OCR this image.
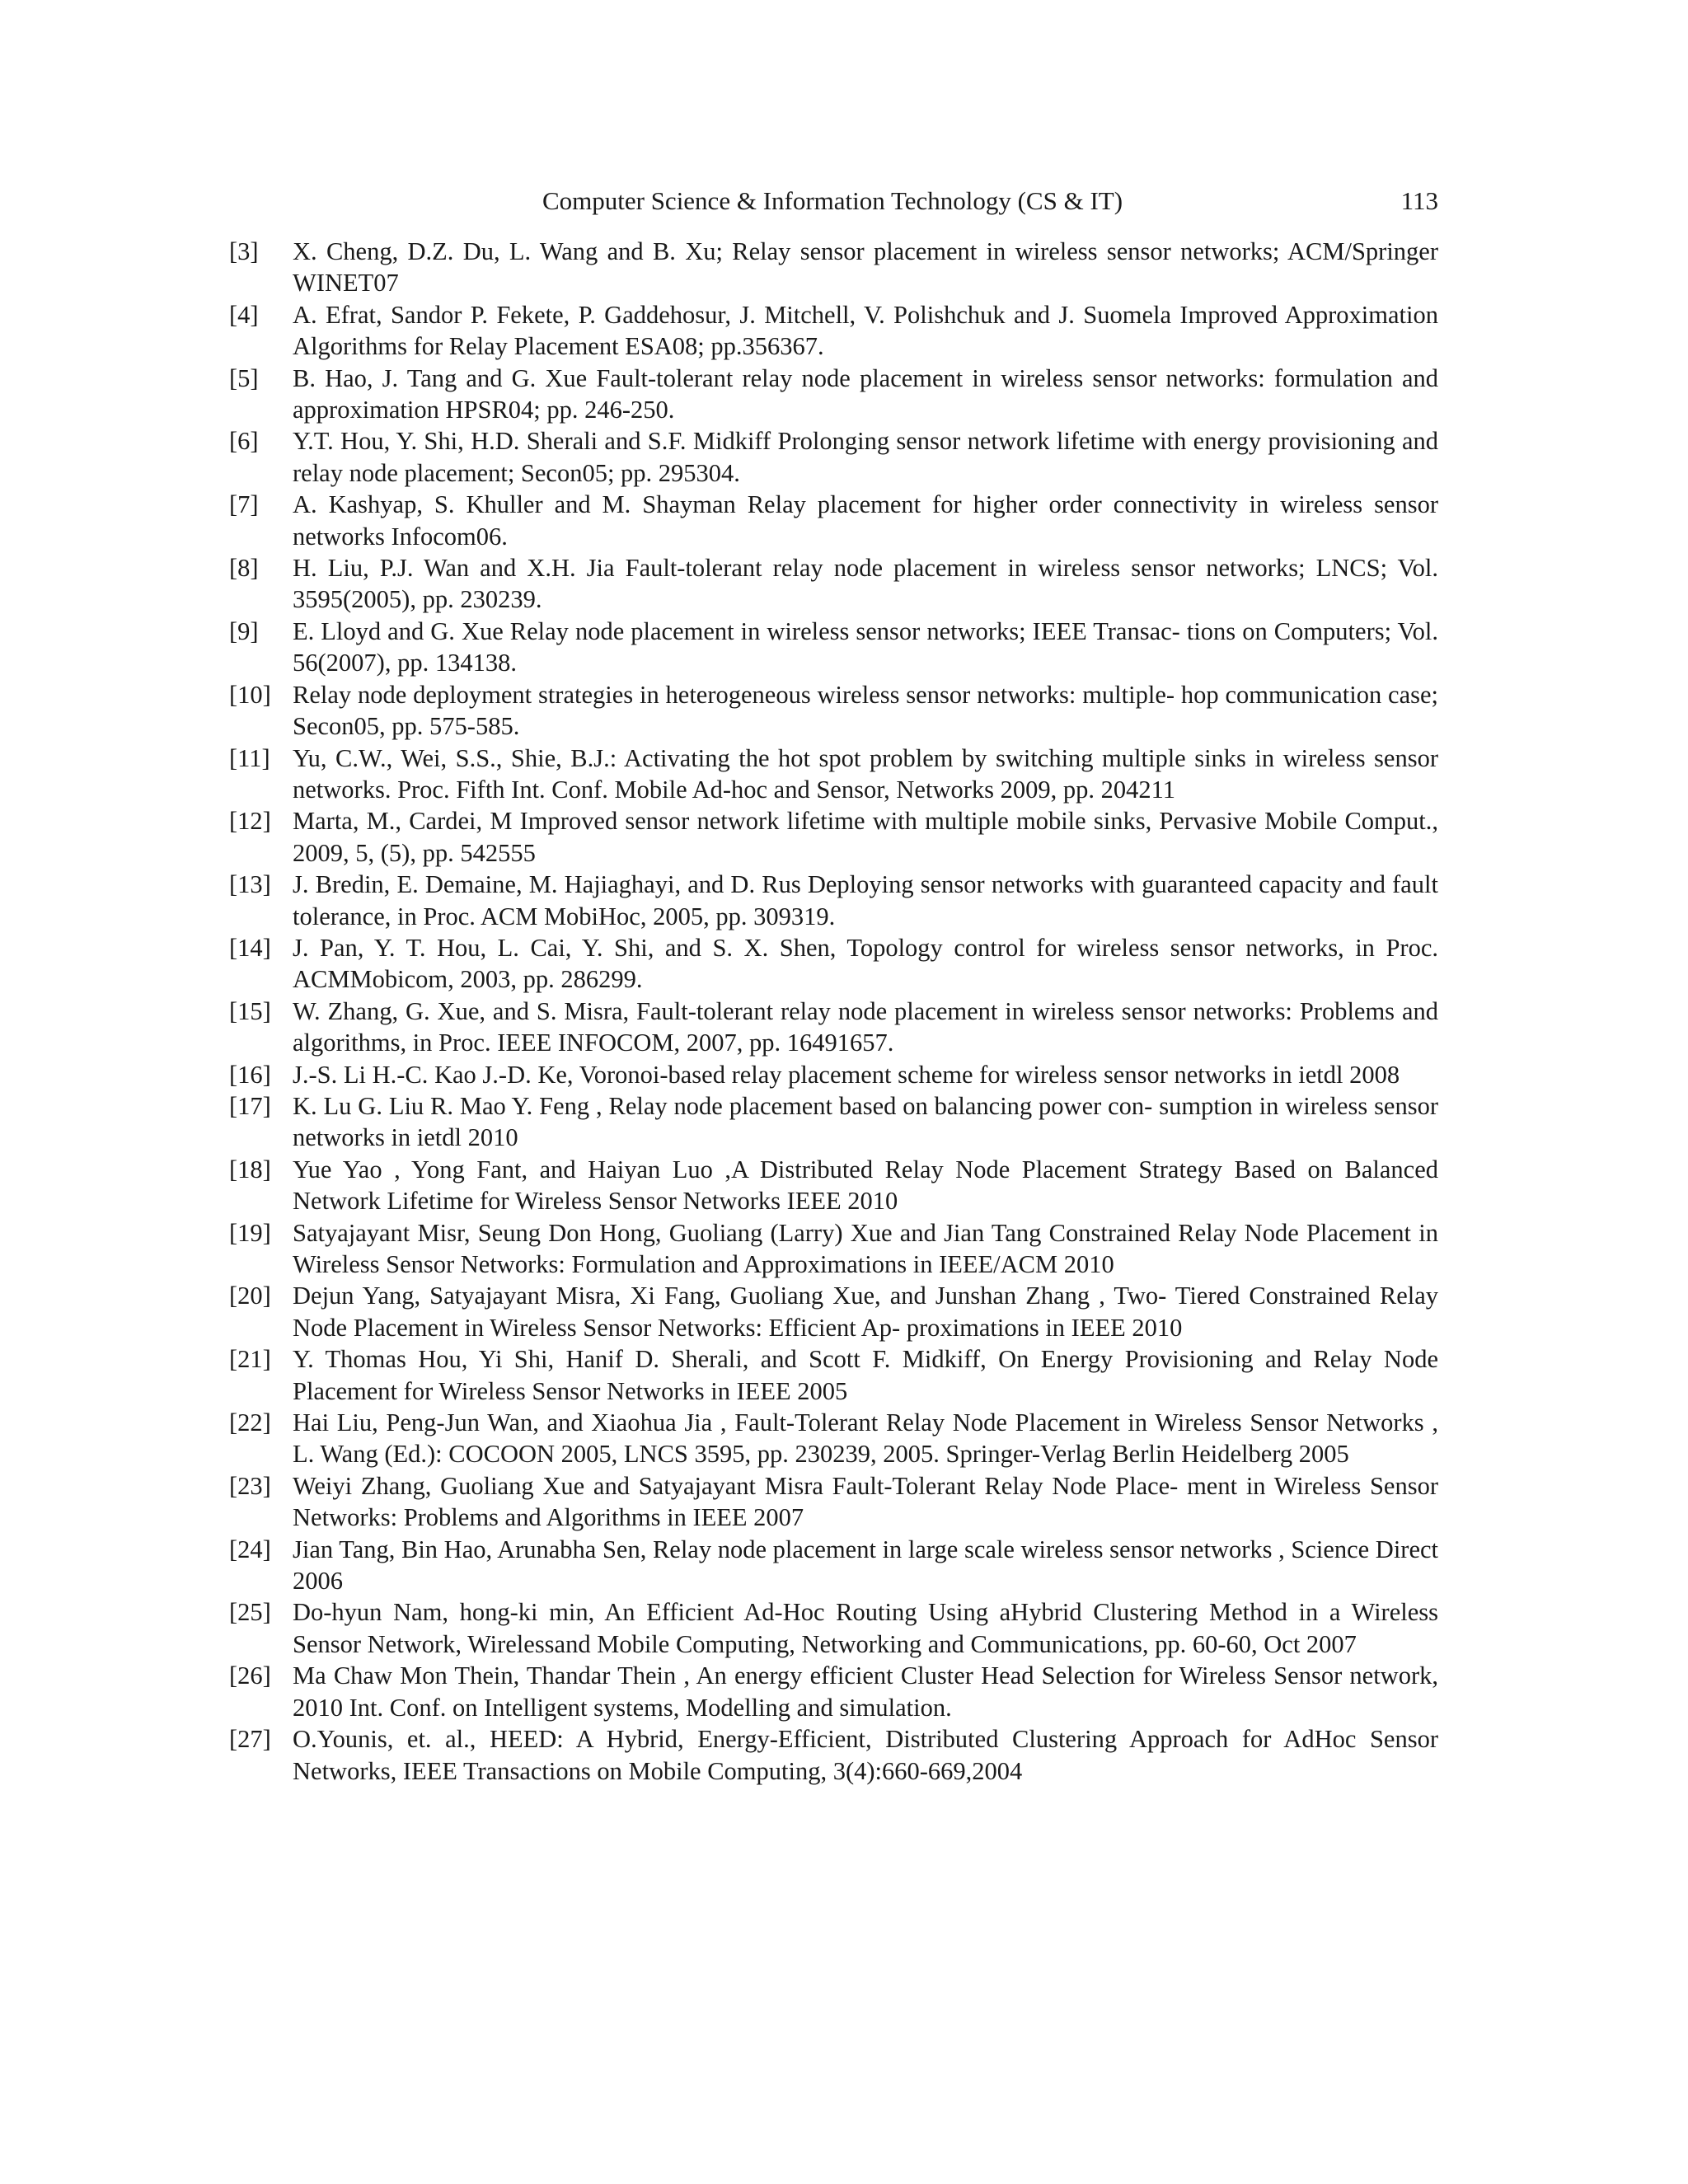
Computer Science & Information Technology (CS & IT)	113
[3] X. Cheng, D.Z. Du, L. Wang and B. Xu; Relay sensor placement in wireless sensor networks; ACM/Springer WINET07
[4] A. Efrat, Sandor P. Fekete, P. Gaddehosur, J. Mitchell, V. Polishchuk and J. Suomela Improved Approximation Algorithms for Relay Placement ESA08; pp.356367.
[5] B. Hao, J. Tang and G. Xue Fault-tolerant relay node placement in wireless sensor networks: formulation and approximation HPSR04; pp. 246-250.
[6] Y.T. Hou, Y. Shi, H.D. Sherali and S.F. Midkiff Prolonging sensor network lifetime with energy provisioning and relay node placement; Secon05; pp. 295304.
[7] A. Kashyap, S. Khuller and M. Shayman Relay placement for higher order connectivity in wireless sensor networks Infocom06.
[8] H. Liu, P.J. Wan and X.H. Jia Fault-tolerant relay node placement in wireless sensor networks; LNCS; Vol. 3595(2005), pp. 230239.
[9] E. Lloyd and G. Xue Relay node placement in wireless sensor networks; IEEE Transac- tions on Computers; Vol. 56(2007), pp. 134138.
[10] Relay node deployment strategies in heterogeneous wireless sensor networks: multiple- hop communication case; Secon05, pp. 575-585.
[11] Yu, C.W., Wei, S.S., Shie, B.J.: Activating the hot spot problem by switching multiple sinks in wireless sensor networks. Proc. Fifth Int. Conf. Mobile Ad-hoc and Sensor, Networks 2009, pp. 204211
[12] Marta, M., Cardei, M Improved sensor network lifetime with multiple mobile sinks, Pervasive Mobile Comput., 2009, 5, (5), pp. 542555
[13] J. Bredin, E. Demaine, M. Hajiaghayi, and D. Rus Deploying sensor networks with guaranteed capacity and fault tolerance, in Proc. ACM MobiHoc, 2005, pp. 309319.
[14] J. Pan, Y. T. Hou, L. Cai, Y. Shi, and S. X. Shen, Topology control for wireless sensor networks, in Proc. ACMMobicom, 2003, pp. 286299.
[15] W. Zhang, G. Xue, and S. Misra, Fault-tolerant relay node placement in wireless sensor networks: Problems and algorithms, in Proc. IEEE INFOCOM, 2007, pp. 16491657.
[16] J.-S. Li H.-C. Kao J.-D. Ke, Voronoi-based relay placement scheme for wireless sensor networks in ietdl 2008
[17] K. Lu G. Liu R. Mao Y. Feng , Relay node placement based on balancing power con- sumption in wireless sensor networks in ietdl 2010
[18] Yue Yao , Yong Fant, and Haiyan Luo ,A Distributed Relay Node Placement Strategy Based on Balanced Network Lifetime for Wireless Sensor Networks IEEE 2010
[19] Satyajayant Misr, Seung Don Hong, Guoliang (Larry) Xue and Jian Tang Constrained Relay Node Placement in Wireless Sensor Networks: Formulation and Approximations in IEEE/ACM 2010
[20] Dejun Yang, Satyajayant Misra, Xi Fang, Guoliang Xue, and Junshan Zhang , Two- Tiered Constrained Relay Node Placement in Wireless Sensor Networks: Efficient Ap- proximations in IEEE 2010
[21] Y. Thomas Hou, Yi Shi, Hanif D. Sherali, and Scott F. Midkiff, On Energy Provisioning and Relay Node Placement for Wireless Sensor Networks in IEEE 2005
[22] Hai Liu, Peng-Jun Wan, and Xiaohua Jia , Fault-Tolerant Relay Node Placement in Wireless Sensor Networks , L. Wang (Ed.): COCOON 2005, LNCS 3595, pp. 230239, 2005. Springer-Verlag Berlin Heidelberg 2005
[23] Weiyi Zhang, Guoliang Xue and Satyajayant Misra Fault-Tolerant Relay Node Place- ment in Wireless Sensor Networks: Problems and Algorithms in IEEE 2007
[24] Jian Tang, Bin Hao, Arunabha Sen, Relay node placement in large scale wireless sensor networks , Science Direct 2006
[25] Do-hyun Nam, hong-ki min, An Efficient Ad-Hoc Routing Using aHybrid Clustering Method in a Wireless Sensor Network, Wirelessand Mobile Computing, Networking and Communications, pp. 60-60, Oct 2007
[26] Ma Chaw Mon Thein, Thandar Thein , An energy efficient Cluster Head Selection for Wireless Sensor network, 2010 Int. Conf. on Intelligent systems, Modelling and simulation.
[27] O.Younis, et. al., HEED: A Hybrid, Energy-Efficient, Distributed Clustering Approach for AdHoc Sensor Networks, IEEE Transactions on Mobile Computing, 3(4):660-669,2004
